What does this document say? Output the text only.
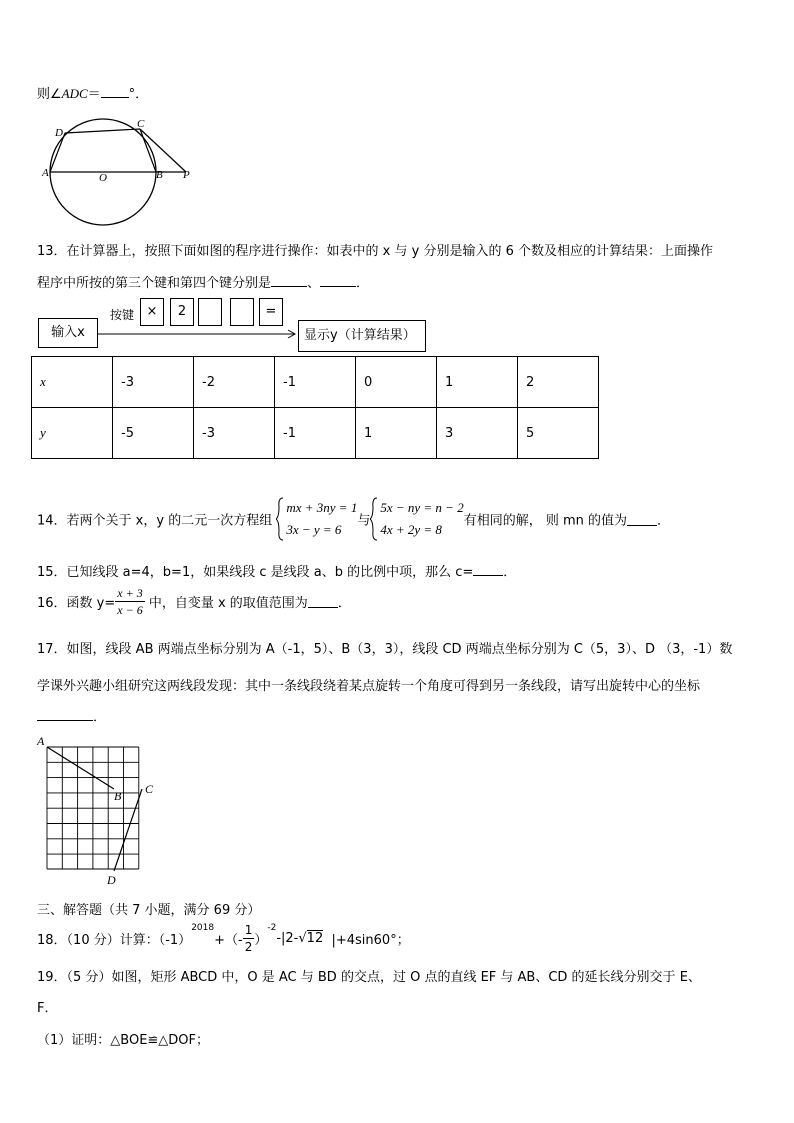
则∠ADC＝ °．
D
C
A	O	B P
13．在计算器上，按照下面如图的程序进行操作：如表中的 x 与 y 分别是输入的 6 个数及相应的计算结果：上面操作
程序中所按的第三个键和第四个键分别是	、	．
输入x
按键 ×	2	=
显示y（计算结果）
x	-3	-2	-1	0	1	2
y	-5	-3	-1	1	3	5
14．若两个关于 x，y 的二元一次方程组
mx + 3ny = 1
3x − y = 6
与
5x − ny = n − 2
4x + 2y = 8
有相同的解， 则 mn 的值为 ．
15．已知线段 a=4，b=1，如果线段 c 是线段 a、b 的比例中项，那么 c= ．
16．函数 $y= \frac{x + 3}{x - 6}$ 中，自变量 x 的取值范围为 ．
17．如图，线段 AB 两端点坐标分别为 A（-1，5）、B（3，3），线段 CD 两端点坐标分别为 C（5，3）、D （3，-1）数
学课外兴趣小组研究这两线段发现：其中一条线段绕着某点旋转一个角度可得到另一条线段，请写出旋转中心的坐标
．
A
B C
D
三、解答题（共 7 小题，满分 69 分）
18．（10 分）计算：$(-1)^{2018}+(- \frac{1}{2} )^{-2}-|2-√12$ |+4sin60°；
19．（5 分）如图，矩形 ABCD 中，O 是 AC 与 BD 的交点，过 O 点的直线 EF 与 AB、CD 的延长线分别交于 E、
F．
（1）证明：△BOE≌△DOF；
